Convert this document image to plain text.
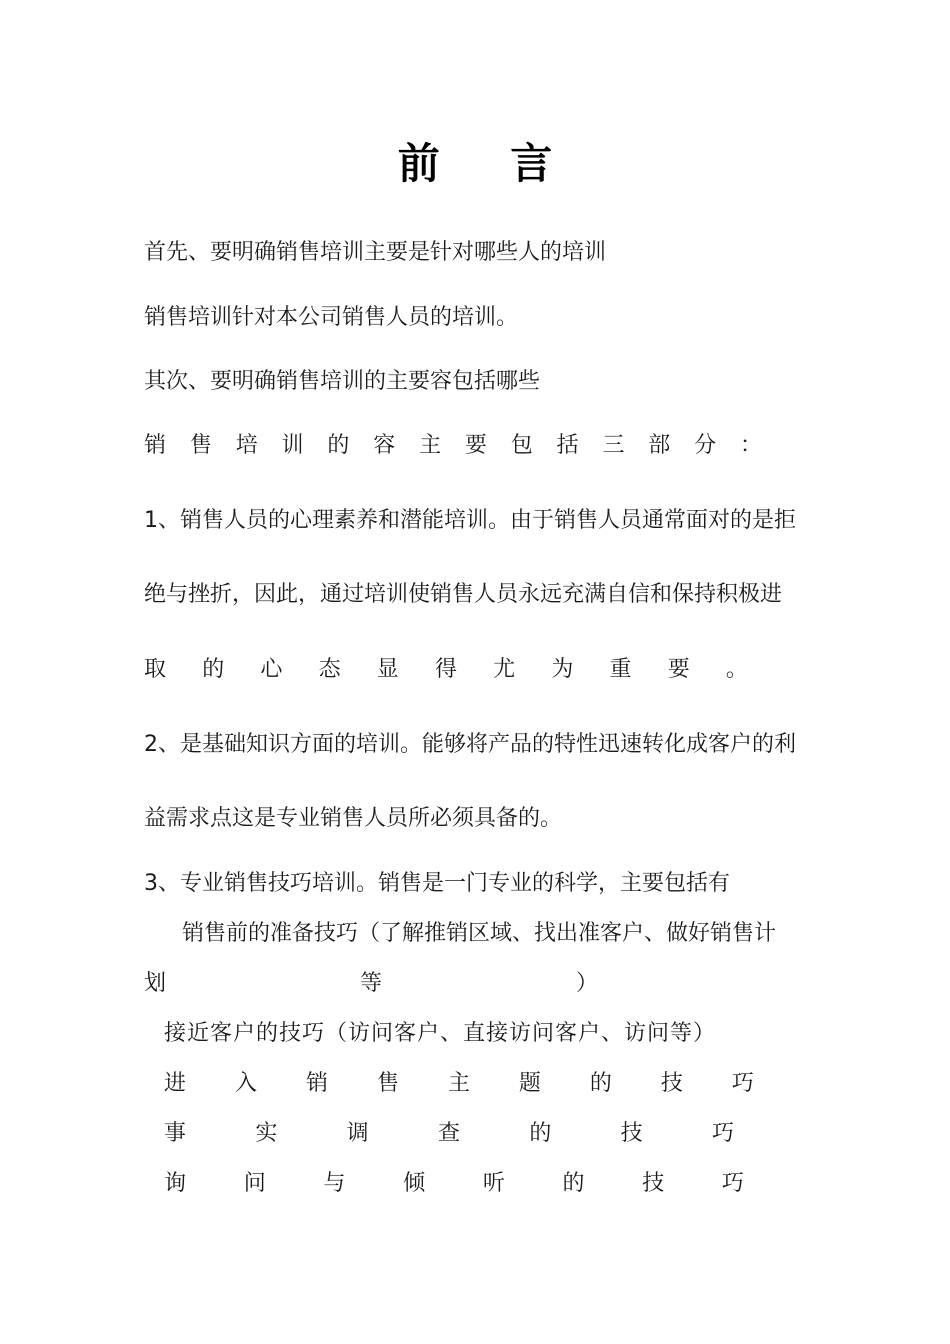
前 言
首先、要明确销售培训主要是针对哪些人的培训
销售培训针对本公司销售人员的培训。
其次、要明确销售培训的主要容包括哪些
销 售 培 训 的 容 主 要 包 括 三 部 分 ：
1、销售人员的心理素养和潜能培训。由于销售人员通常面对的是拒
绝与挫折，因此，通过培训使销售人员永远充满自信和保持积极进
取 的 心 态 显 得 尤 为 重 要 。
2、是基础知识方面的培训。能够将产品的特性迅速转化成客户的利
益需求点这是专业销售人员所必须具备的。
3、专业销售技巧培训。销售是一门专业的科学，主要包括有
销售前的准备技巧（了解推销区域、找出准客户、做好销售计
划	等	）
接近客户的技巧（访问客户、直接访问客户、访问等）
进 入 销 售 主 题 的 技 巧
事	实	调	查	的	技	巧
询	问	与	倾	听	的	技	巧
